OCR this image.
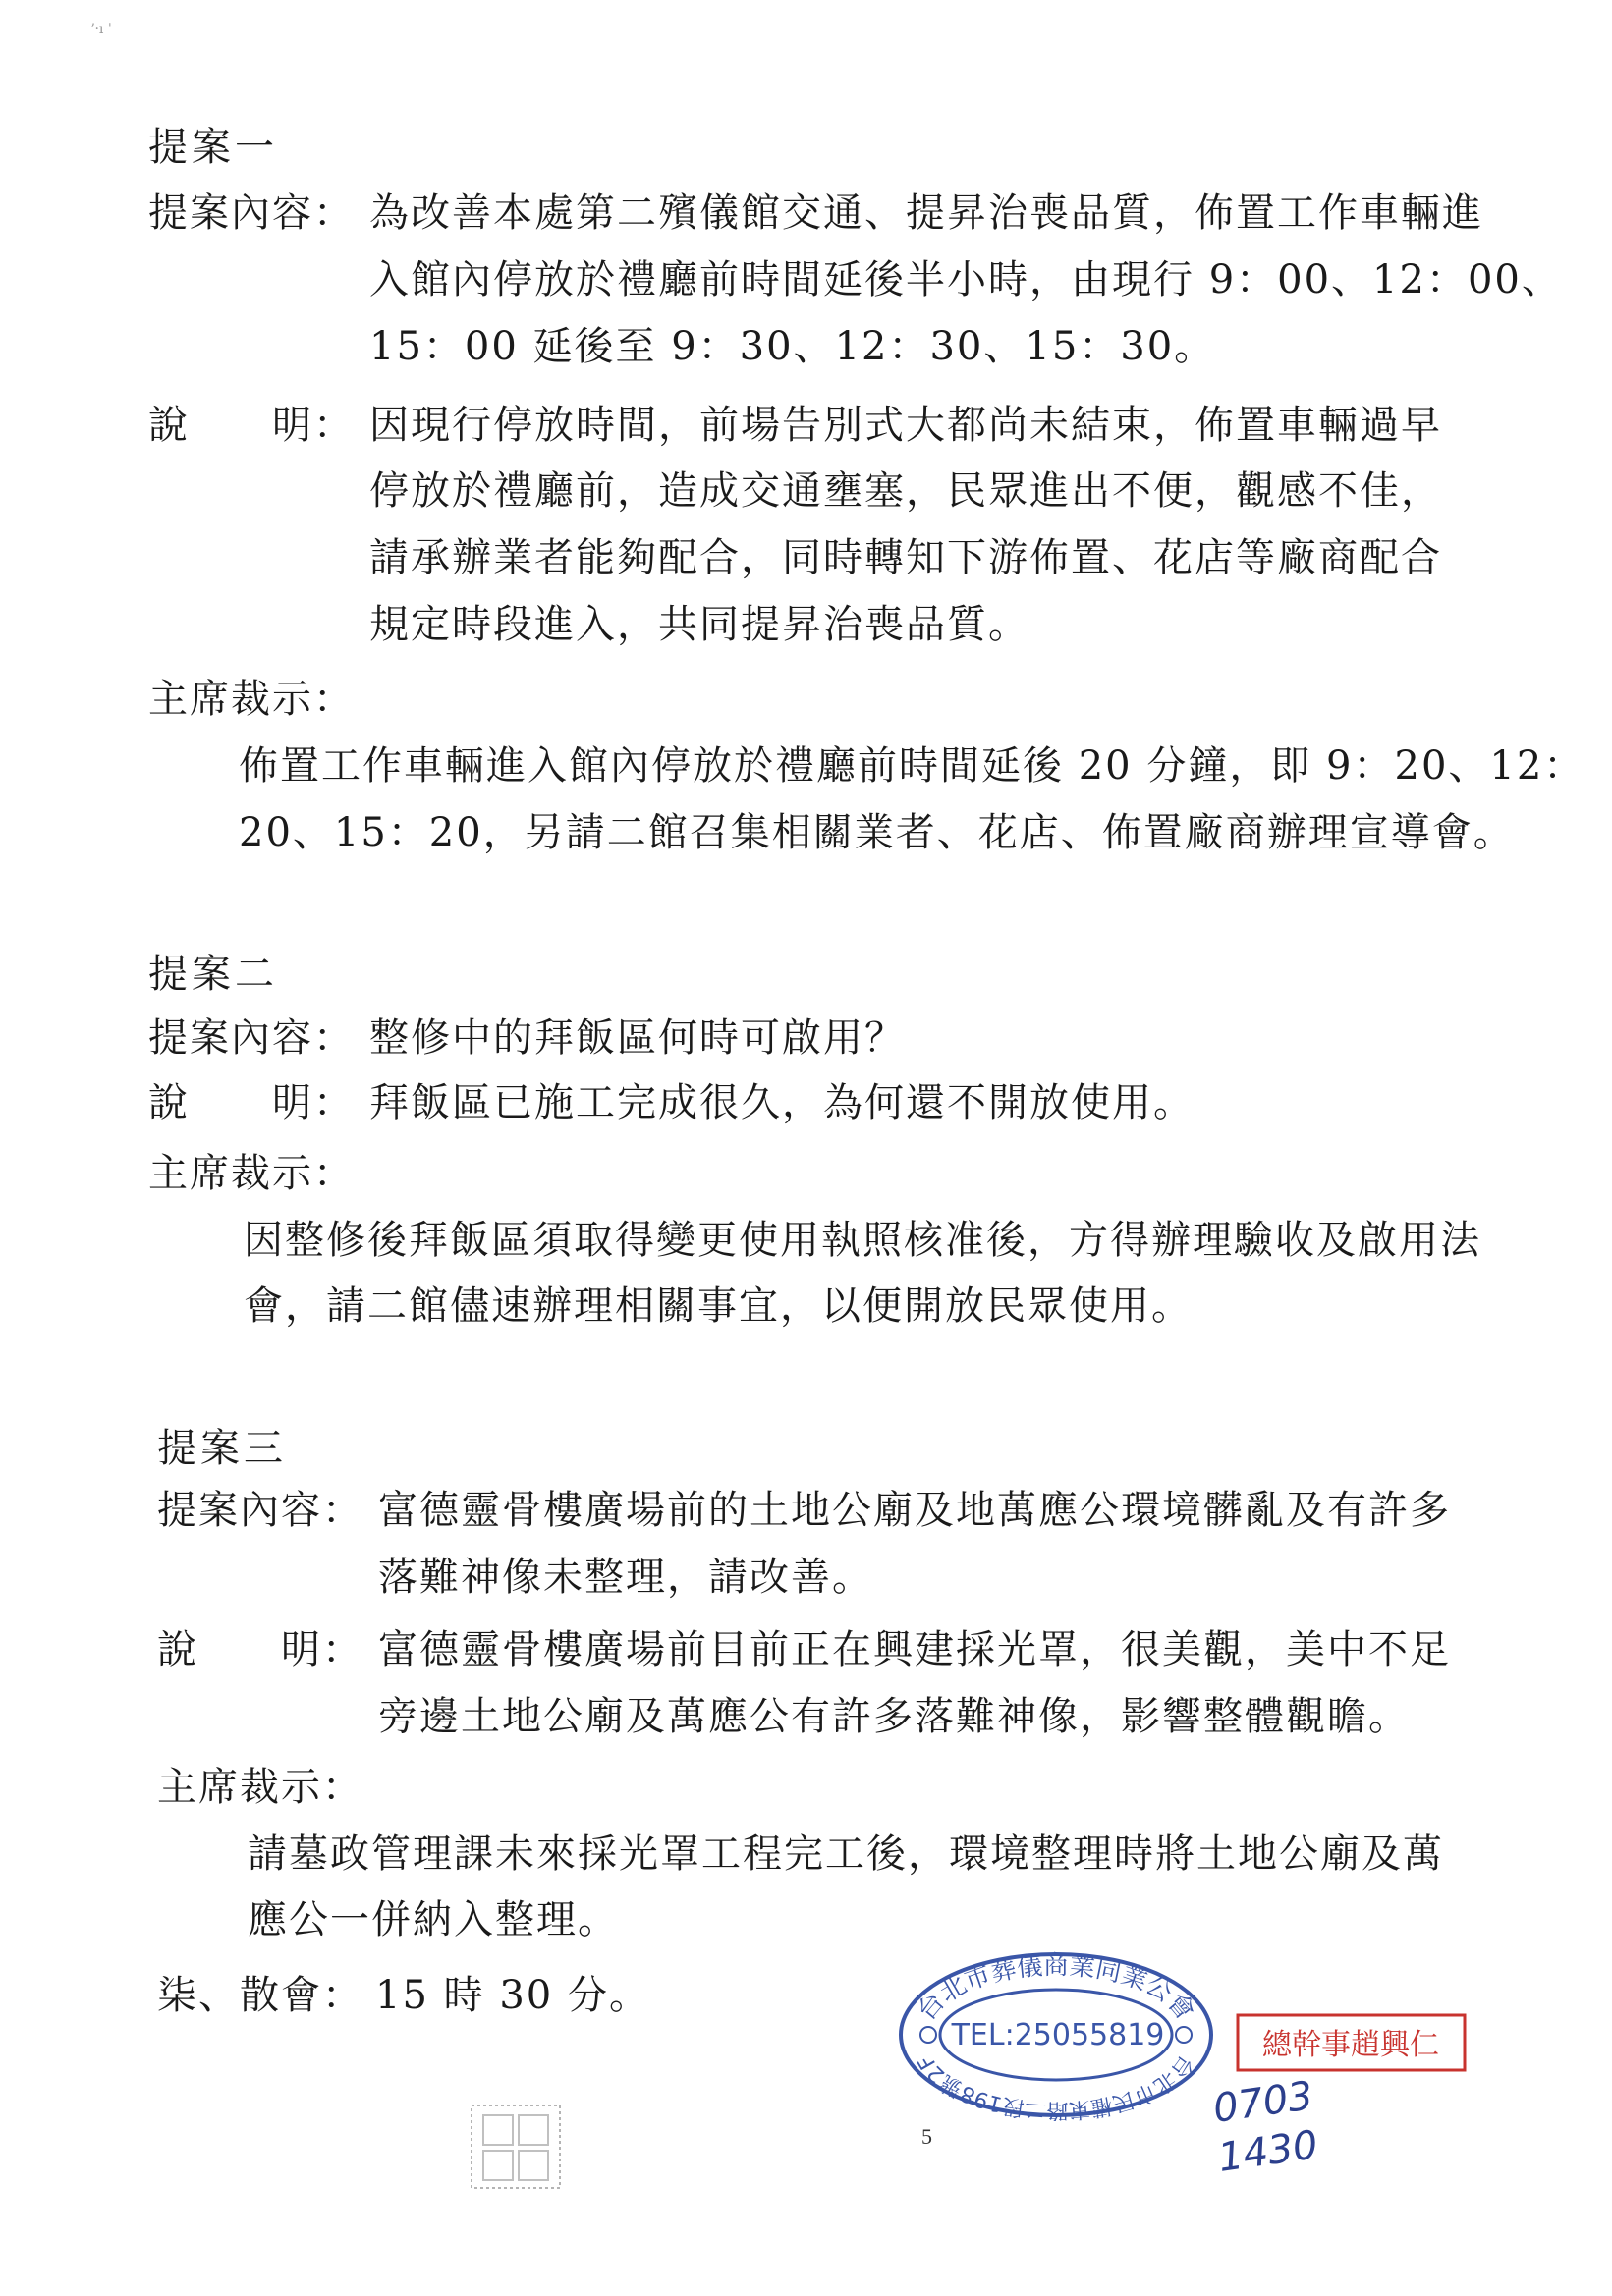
ʼ·ı ˈ
提案一
提案內容： 為改善本處第二殯儀館交通、提昇治喪品質，佈置工作車輛進
入館內停放於禮廳前時間延後半小時，由現行 9：00、12：00、
15：00 延後至 9：30、12：30、15：30。
說　　明： 因現行停放時間，前場告別式大都尚未結束，佈置車輛過早
停放於禮廳前，造成交通壅塞，民眾進出不便，觀感不佳，
請承辦業者能夠配合，同時轉知下游佈置、花店等廠商配合
規定時段進入，共同提昇治喪品質。
主席裁示：
佈置工作車輛進入館內停放於禮廳前時間延後 20 分鐘，即 9：20、12：
20、15：20，另請二館召集相關業者、花店、佈置廠商辦理宣導會。
提案二
提案內容： 整修中的拜飯區何時可啟用？
說　　明： 拜飯區已施工完成很久，為何還不開放使用。
主席裁示：
因整修後拜飯區須取得變更使用執照核准後，方得辦理驗收及啟用法
會，請二館儘速辦理相關事宜，以便開放民眾使用。
提案三
提案內容： 富德靈骨樓廣場前的土地公廟及地萬應公環境髒亂及有許多
落難神像未整理，請改善。
說　　明： 富德靈骨樓廣場前目前正在興建採光罩，很美觀，美中不足
旁邊土地公廟及萬應公有許多落難神像，影響整體觀瞻。
主席裁示：
請墓政管理課未來採光罩工程完工後，環境整理時將土地公廟及萬
應公一併納入整理。
柒、散會： 15 時 30 分。	台北市葬儀商業同業公會
台北市民權東路二段198號2F
TEL:25055819	總幹事趙興仁
0703
1430
5
